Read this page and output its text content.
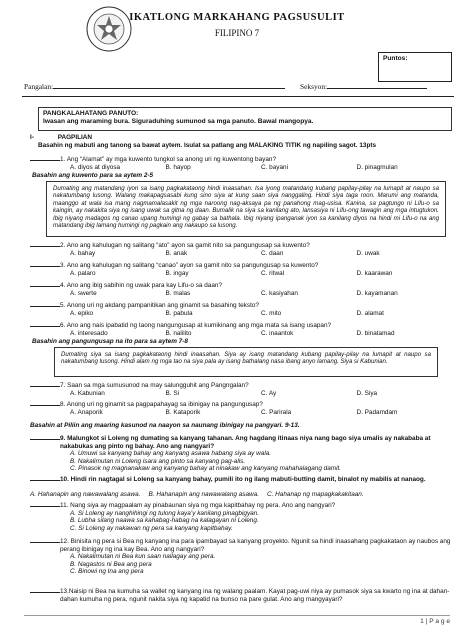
IKATLONG MARKAHANG PAGSUSULIT
FILIPINO 7
Puntos:
Pangalan:	Seksyon:
PANGKALAHATANG PANUTO:
Iwasan ang maraming bura. Siguraduhing sumunod sa mga panuto. Bawal mangopya.
I-	PAGPILIAN
Basahin ng mabuti ang tanong sa bawat aytem. Isulat sa patlang ang MALAKING TITIK ng napiling sagot. 13pts
1. Ang “Alamat” ay mga kuwento tungkol sa anong uri ng kuwentong bayan?
A. diyos at diyosa	B. hayop	C. bayani	D. pinagmulan
Basahin ang kuwento para sa aytem 2-5
Dumating ang matandang iyon sa isang pagkakataong hindi inaasahan. Isa iyong matandang kubang papilay-pilay na lumapit at naupo sa nakatumbang lusong. Walang makapagsasabi kung sino siya at kung saan siya nanggaling. Hindi siya taga roon. Marumi ang matanda, maanggo at wala isa mang nagmamalasakit ng mga naroong nag-aksaya pa ng panahong mag-usisa. Kanina, sa pagtungo ni Lifu-o sa kaingin, ay nakakita siya ng isang uwak sa gitna ng daan. Bumalik na siya sa kanilang ato, lansasiya ni Lifu-ong tawagin ang mga intugtukon. Ibig niyang madagos ng canao upang humingi ng gabay sa bathala. Ibig niyang ipanganak iyon sa kanilang diyos na hindi mi Lifu-o na ang matandang ibig lamang humingi ng pagkain ang nakaupo sa lusong.
2. Ano ang kahulugan ng salitang “ato” ayon sa gamit nito sa pangungusap sa kuwento?
A. bahay	B. anak	C. daan	D. uwak
3. Ano ang kahulugan ng salitang “canao” ayon sa gamit nito sa pangungusap sa kuwento?
A. palaro	B. ingay	C. ritwal	D. kaarawan
4. Ano ang ibig sabihin ng uwak para kay Lifu-o sa daan?
A. swerte	B. malas	C. kasiyahan	D. kayamanan
5. Anong uri ng akdang pampanitikan ang ginamit sa basahing teksto?
A. epiko	B. pabula	C. mito	D. alamat
6. Ano ang nais ipabatid ng taong nangungusap at kumikinang ang mga mata sa isang usapan?
A. interesado	B. nalilito	C. inaantok	D. binatamad
Basahin ang pangungusap na ito para sa aytem 7-8
Dumating siya sa isang pagkakataong hindi inaasahan. Siya ay isang matandang kubang papilay-pilay na lumapit at naupo sa nakatumbang lusong. Hindi alam ng mga tao na siya pala ay isang bathalang nasa ibang anyo lamang. Siya si Kabunian.
7. Saan sa mga sumusunod na may salungguhit ang Pangngalan?
A. Kabunian	B. Si	C. Ay	D. Siya
8. Anong uri ng ginamit sa pagpapahayag sa ibinigay na pangungusap?
A. Anaporik	B. Kataporik	C. Parirala	D. Padamdam
Basahin at Piliin ang maaring kasunod na naayon sa naunang ibinigay na pangyari. 9-13.
9. Malungkot si Loleng ng dumating sa kanyang tahanan. Ang hagdang itinaas niya nang bago siya umalis ay nakababa at nakabukas ang pinto ng bahay. Ano ang nangyari?
A. Umuwi sa kanyang bahay ang kanyang asawa habang siya ay wala.
B. Nakalimutan ni Loleng isara ang pinto sa kanyang pag-alis.
C. Pinasok ng magnanakaw ang kanyang bahay at ninakaw ang kanyang mahahalagang damit.
10. Hindi rin nagtagal si Loleng sa kanyang bahay, pumili ito ng ilang mabuti-butting damit, binalot ny mabilis at nanaog.
A. Hahanapin ang nawawalang asawa. B. Hahanapin ang nawawalang asawa. C. Hahanap ng mapagkakakitaan.
11. Nang siya ay magpaalam ay pinabaunan siya ng mga kapitbahay ng pera. Ano ang nangyari?
A. Si Loleng ay nanghihingi ng tulong kaya’y kanilang pinagbigyan.
B. Lubha silang naawa sa kahabag-habag na kalagayan ni Loleng.
C. Si Loleng ay nakawan ng pera sa kanyang kapitbahay.
12. Binisita ng pera si Bea ng kanyang ina para ipambayad sa kanyang proyekto. Ngunit sa hindi inaasahang pagkakataon ay naubos ang perang ibinigay ng ina kay Bea. Ano ang nangyari?
A. Nakalimutan ni Bea kun saan nailagay ang pera.
B. Nagastos ni Bea ang pera
C. Binowi ng Ina ang pera
13.Naisip ni Bea na kumuha sa wallet ng kanyang ina ng walang paalam. Kayat pag-uwi niya ay pumasok siya sa kwarto ng ina at dahan-dahan kumuha ng pera, ngunit nakita siya ng kapatid na bunso na pare gulat. Ano ang mangyayari?
1 | P a g e
